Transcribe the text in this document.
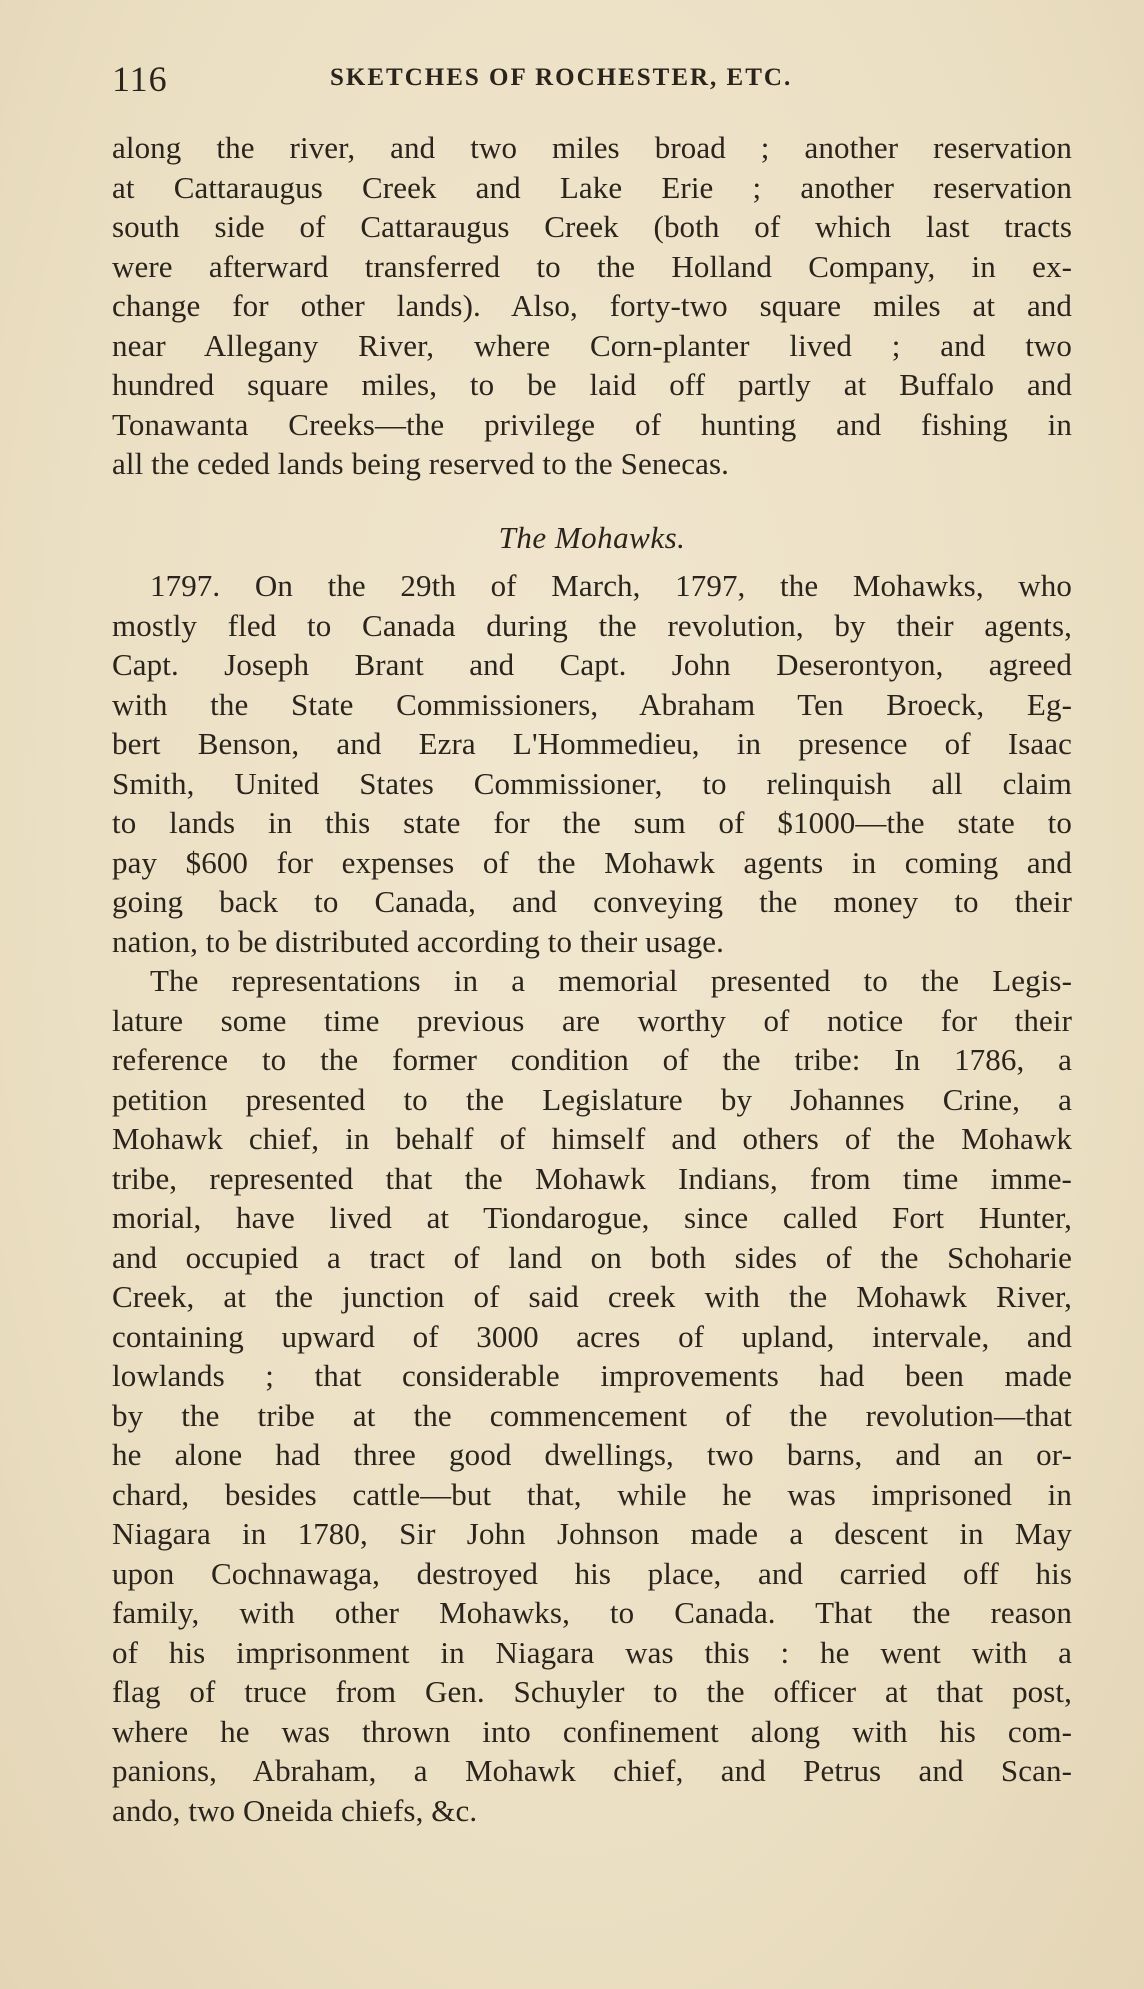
116	SKETCHES OF ROCHESTER, ETC.
along the river, and two miles broad ; another reservation
at Cattaraugus Creek and Lake Erie ; another reservation
south side of Cattaraugus Creek (both of which last tracts
were afterward transferred to the Holland Company, in ex-
change for other lands). Also, forty-two square miles at and
near Allegany River, where Corn-planter lived ; and two
hundred square miles, to be laid off partly at Buffalo and
Tonawanta Creeks—the privilege of hunting and fishing in
all the ceded lands being reserved to the Senecas.
The Mohawks.
1797. On the 29th of March, 1797, the Mohawks, who
mostly fled to Canada during the revolution, by their agents,
Capt. Joseph Brant and Capt. John Deserontyon, agreed
with the State Commissioners, Abraham Ten Broeck, Eg-
bert Benson, and Ezra L'Hommedieu, in presence of Isaac
Smith, United States Commissioner, to relinquish all claim
to lands in this state for the sum of $1000—the state to
pay $600 for expenses of the Mohawk agents in coming and
going back to Canada, and conveying the money to their
nation, to be distributed according to their usage.
The representations in a memorial presented to the Legis-
lature some time previous are worthy of notice for their
reference to the former condition of the tribe: In 1786, a
petition presented to the Legislature by Johannes Crine, a
Mohawk chief, in behalf of himself and others of the Mohawk
tribe, represented that the Mohawk Indians, from time imme-
morial, have lived at Tiondarogue, since called Fort Hunter,
and occupied a tract of land on both sides of the Schoharie
Creek, at the junction of said creek with the Mohawk River,
containing upward of 3000 acres of upland, intervale, and
lowlands ; that considerable improvements had been made
by the tribe at the commencement of the revolution—that
he alone had three good dwellings, two barns, and an or-
chard, besides cattle—but that, while he was imprisoned in
Niagara in 1780, Sir John Johnson made a descent in May
upon Cochnawaga, destroyed his place, and carried off his
family, with other Mohawks, to Canada. That the reason
of his imprisonment in Niagara was this : he went with a
flag of truce from Gen. Schuyler to the officer at that post,
where he was thrown into confinement along with his com-
panions, Abraham, a Mohawk chief, and Petrus and Scan-
ando, two Oneida chiefs, &c.
